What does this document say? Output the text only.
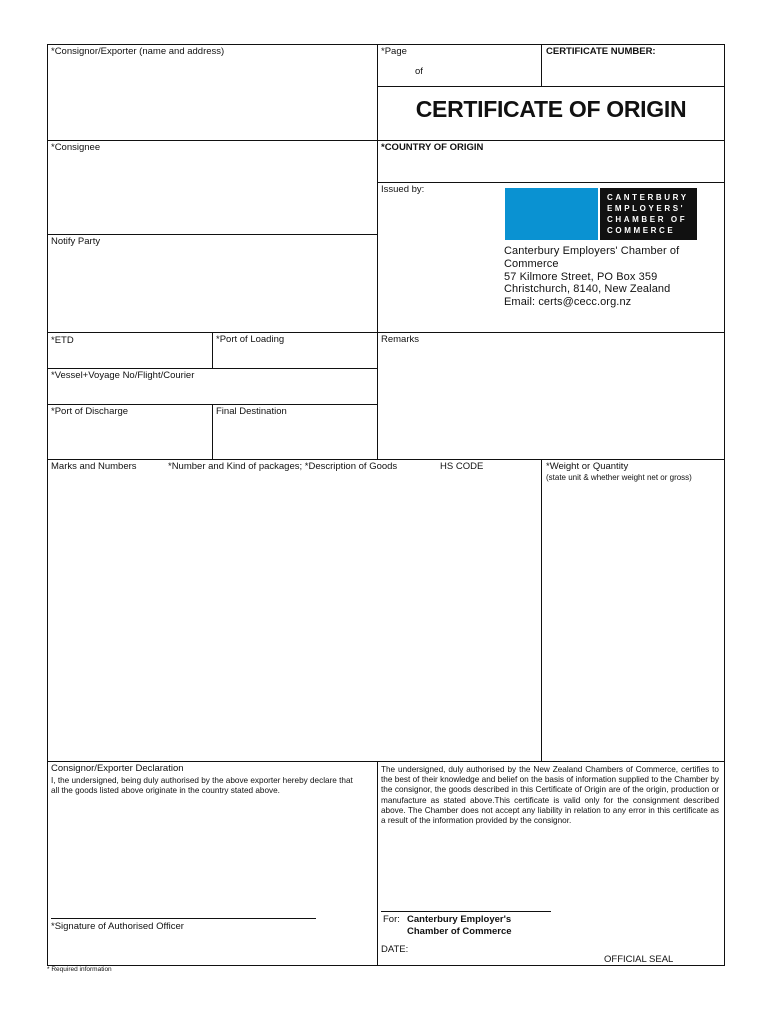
*Consignor/Exporter (name and address)	*Page
of
CERTIFICATE NUMBER:
CERTIFICATE OF ORIGIN
*Consignee	*COUNTRY OF ORIGIN
Issued by:
Notify Party
CANTERBURY
EMPLOYERS'
CHAMBER OF
COMMERCE
Canterbury Employers' Chamber of
Commerce
57 Kilmore Street, PO Box 359
Christchurch, 8140, New Zealand
Email: certs@cecc.org.nz
*ETD	*Port of Loading	Remarks
*Vessel+Voyage No/Flight/Courier
*Port of Discharge	Final Destination
Marks and Numbers	*Number and Kind of packages; *Description of Goods	HS CODE	*Weight or Quantity
(state unit & whether weight net or gross)
Consignor/Exporter Declaration
I, the undersigned, being duly authorised by the above exporter hereby declare that all the goods listed above originate in the country stated above.
*Signature of Authorised Officer
The undersigned, duly authorised by the New Zealand Chambers of Commerce, certifies to the best of their knowledge and belief on the basis of information supplied to the Chamber by the consignor, the goods described in this Certificate of Origin are of the origin, production or manufacture as stated above.This certificate is valid only for the consignment described above. The Chamber does not accept any liability in relation to any error in this certificate as a result of the information provided by the consignor.
For: Canterbury Employer's
Chamber of Commerce
DATE:
OFFICIAL SEAL
* Required information
